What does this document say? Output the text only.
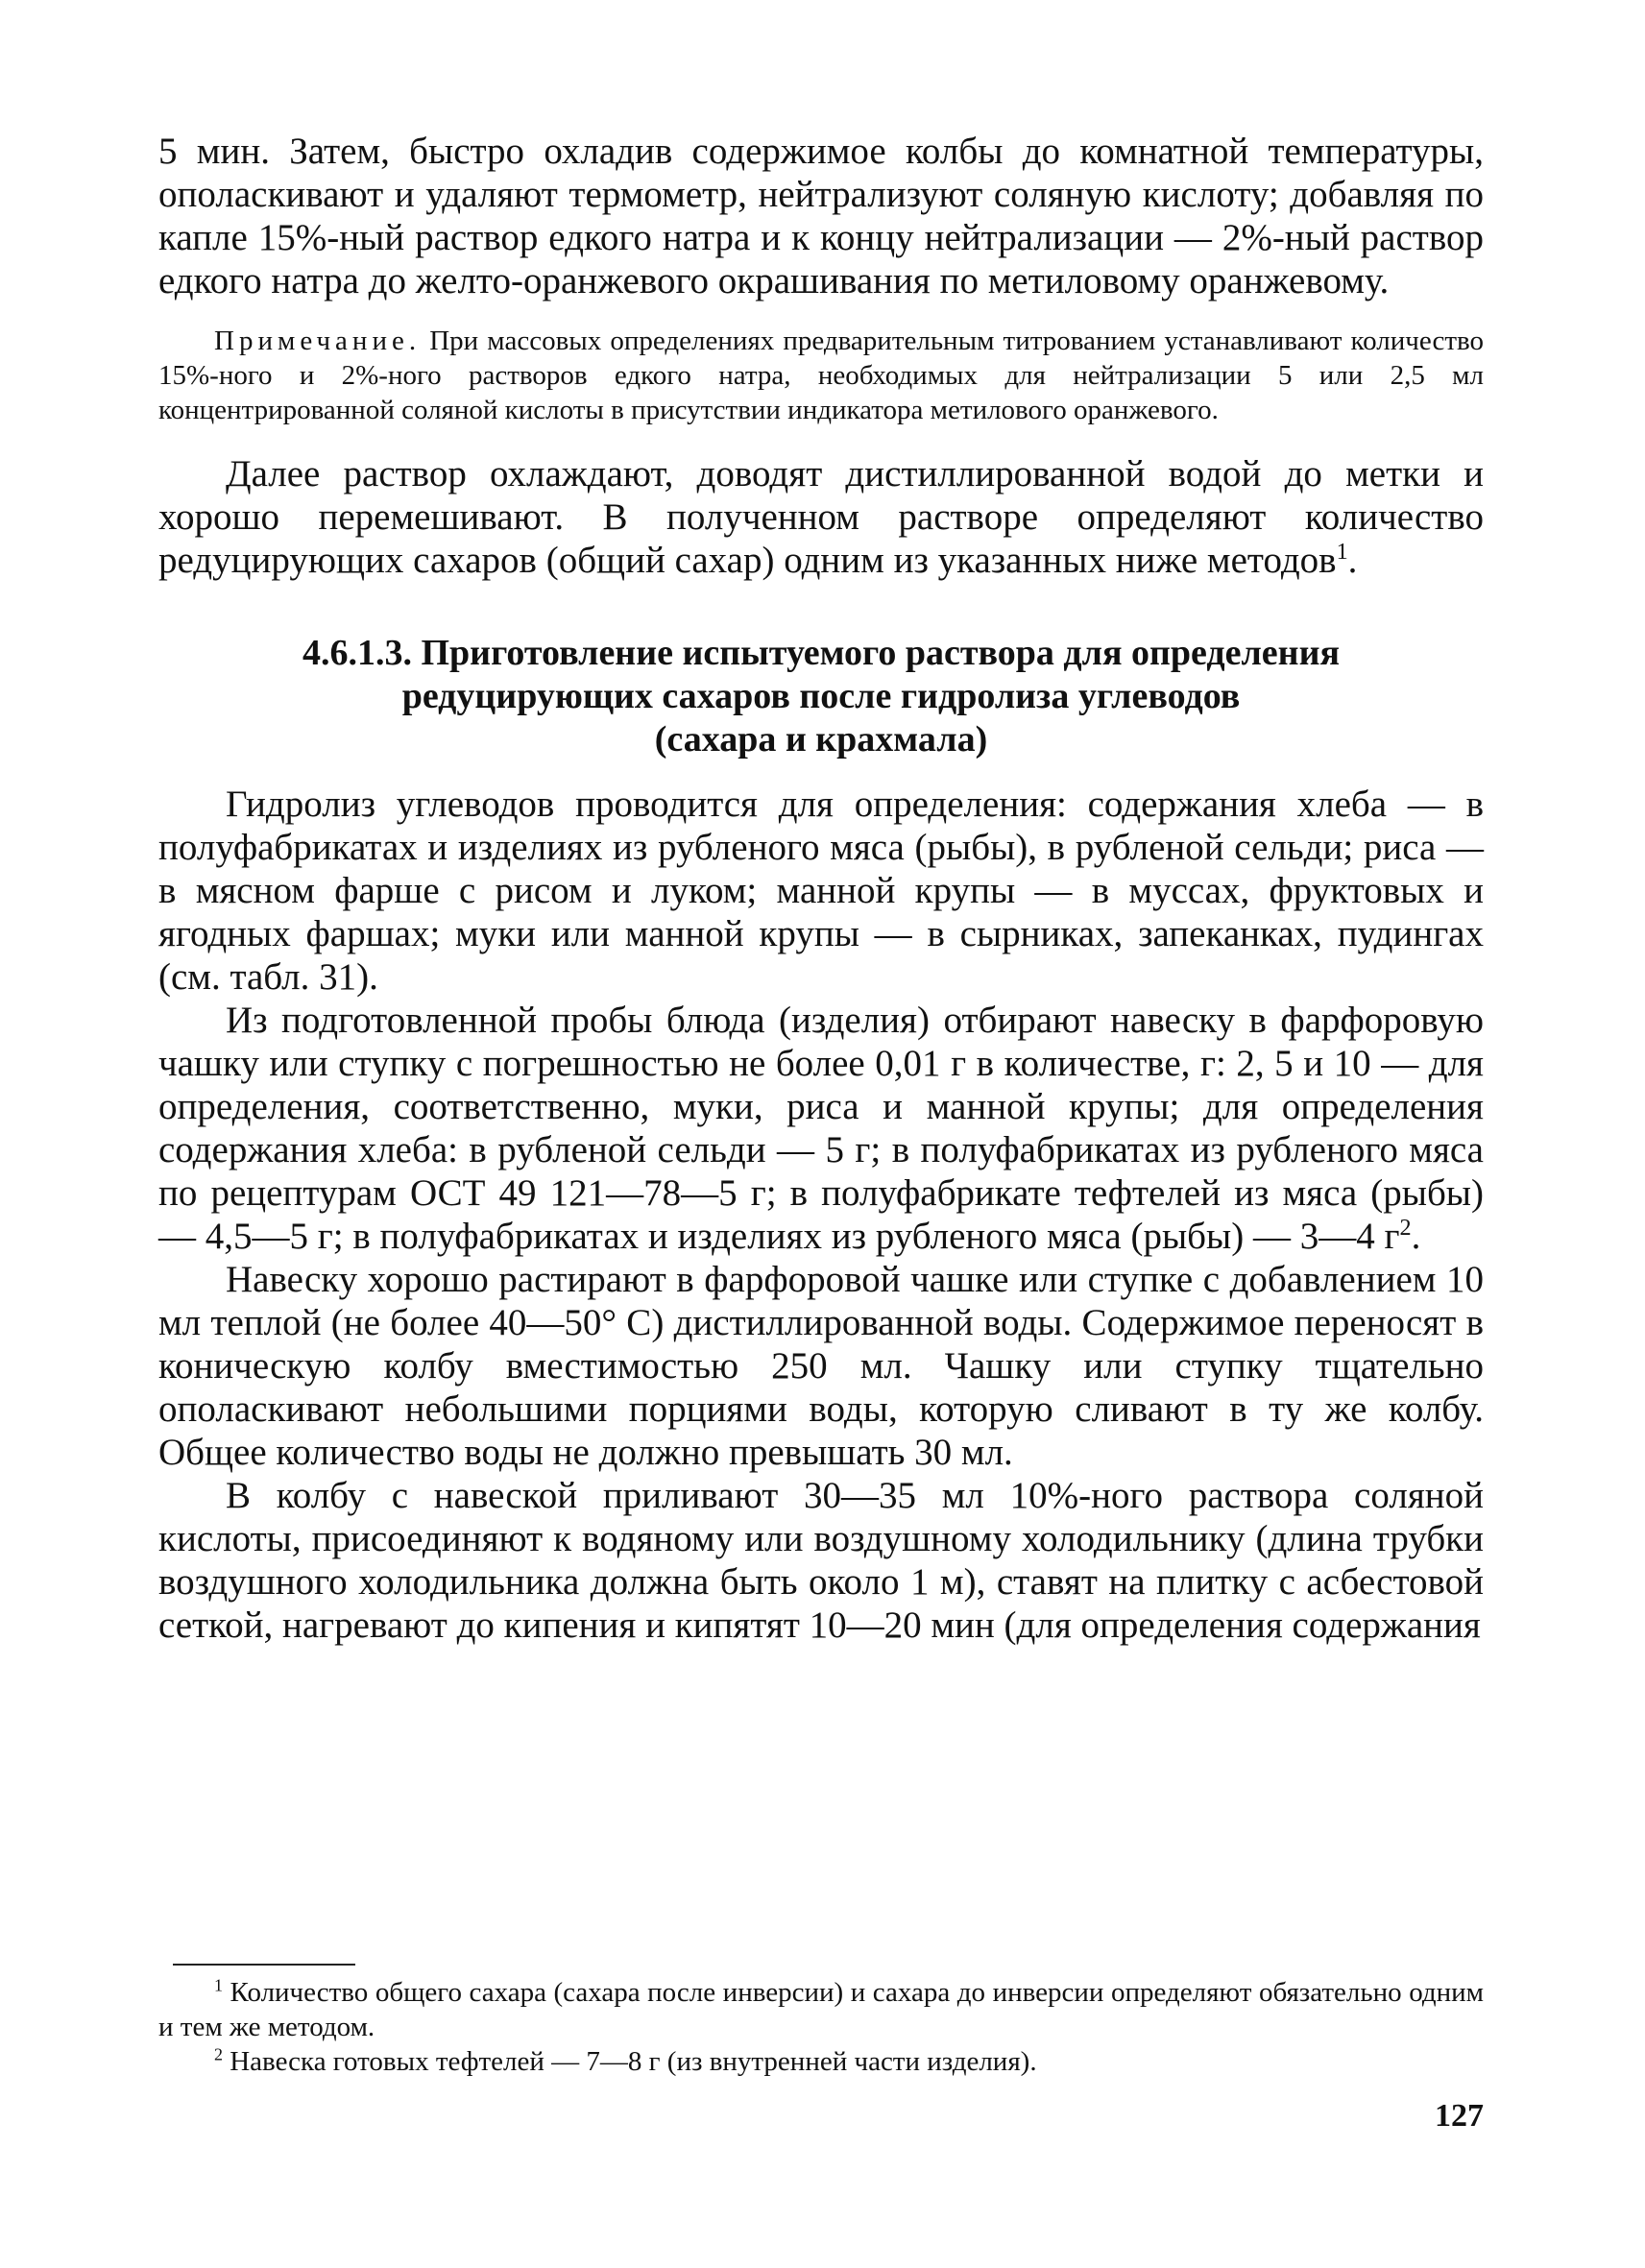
5 мин. Затем, быстро охладив содержимое колбы до комнатной температуры, ополаскивают и удаляют термометр, нейтрализуют соляную кислоту; добавляя по капле 15%-ный раствор едкого натра и к концу нейтрализации — 2%-ный раствор едкого натра до желто-оранжевого окрашивания по метиловому оранжевому.

Примечание. При массовых определениях предварительным титрованием устанавливают количество 15%-ного и 2%-ного растворов едкого натра, необходимых для нейтрализации 5 или 2,5 мл концентрированной соляной кислоты в присутствии индикатора метилового оранжевого.

Далее раствор охлаждают, доводят дистиллированной водой до метки и хорошо перемешивают. В полученном растворе определяют количество редуцирующих сахаров (общий сахар) одним из указанных ниже методов$^1$.

4.6.1.3. Приготовление испытуемого раствора для определения
редуцирующих сахаров после гидролиза углеводов
(сахара и крахмала)

Гидролиз углеводов проводится для определения: содержания хлеба — в полуфабрикатах и изделиях из рубленого мяса (рыбы), в рубленой сельди; риса — в мясном фарше с рисом и луком; манной крупы — в муссах, фруктовых и ягодных фаршах; муки или манной крупы — в сырниках, запеканках, пудингах (см. табл. 31).

Из подготовленной пробы блюда (изделия) отбирают навеску в фарфоровую чашку или ступку с погрешностью не более 0,01 г в количестве, г: 2, 5 и 10 — для определения, соответственно, муки, риса и манной крупы; для определения содержания хлеба: в рубленой сельди — 5 г; в полуфабрикатах из рубленого мяса по рецептурам ОСТ 49 121—78—5 г; в полуфабрикате тефтелей из мяса (рыбы) — 4,5—5 г; в полуфабрикатах и изделиях из рубленого мяса (рыбы) — 3—4 $г^2$.

Навеску хорошо растирают в фарфоровой чашке или ступке с добавлением 10 мл теплой (не более 40—50° С) дистиллированной воды. Содержимое переносят в коническую колбу вместимостью 250 мл. Чашку или ступку тщательно ополаскивают небольшими порциями воды, которую сливают в ту же колбу. Общее количество воды не должно превышать 30 мл.

В колбу с навеской приливают 30—35 мл 10%-ного раствора соляной кислоты, присоединяют к водяному или воздушному холодильнику (длина трубки воздушного холодильника должна быть около 1 м), ставят на плитку с асбестовой сеткой, нагревают до кипения и кипятят 10—20 мин (для определения содержания

$^1$ Количество общего сахара (сахара после инверсии) и сахара до инверсии определяют обязательно одним и тем же методом.

$^2$ Навеска готовых тефтелей — 7—8 г (из внутренней части изделия).

127
